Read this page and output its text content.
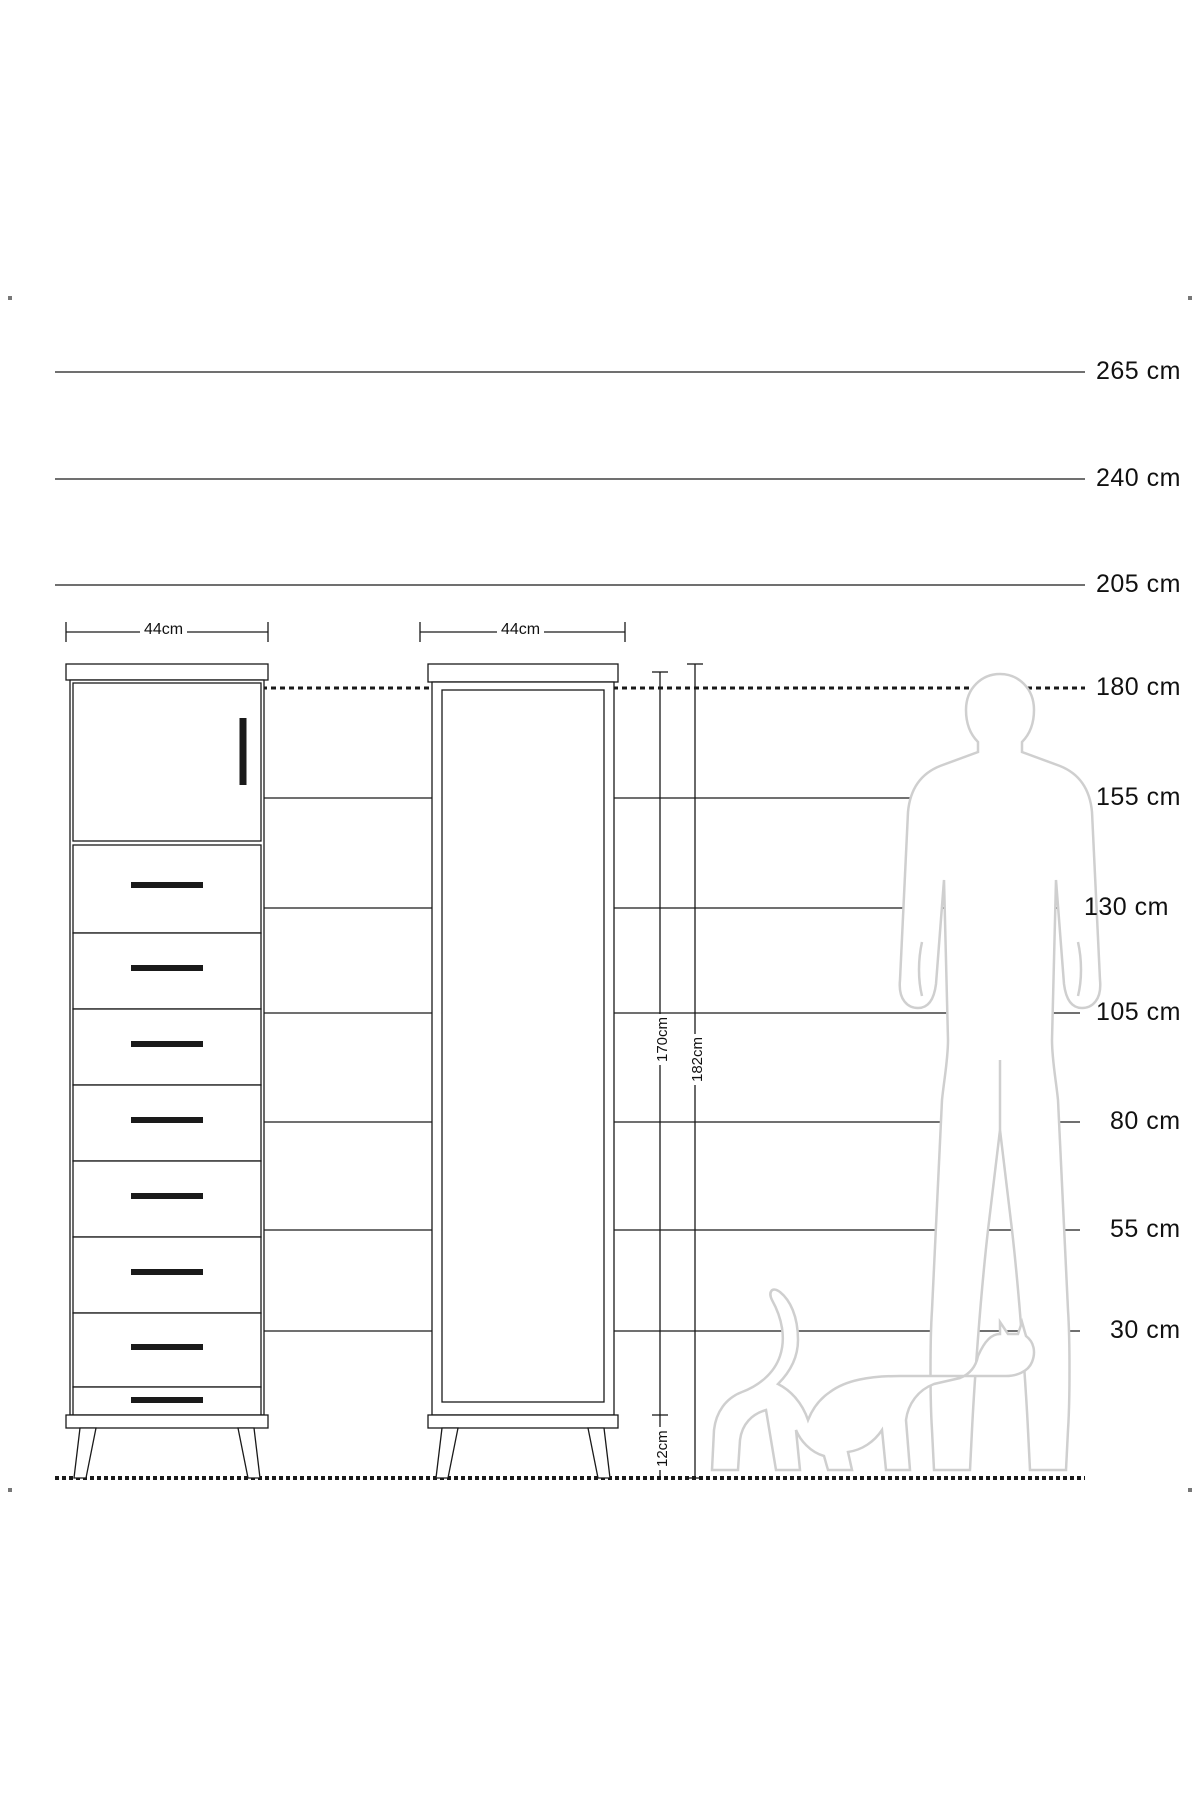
265 cm
240 cm
205 cm
180 cm
155 cm
130 cm
105 cm
80 cm
55 cm
30 cm
44cm	44cm
170cm 182cm
12cm
